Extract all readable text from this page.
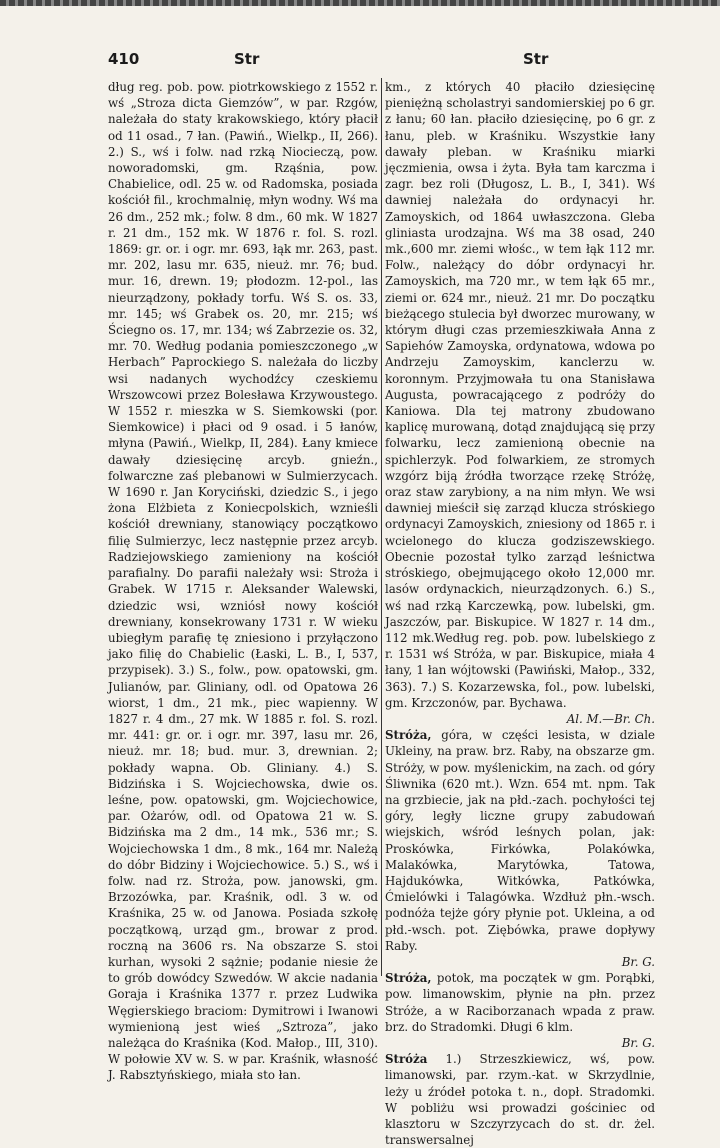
410	Str	Str

dług reg. pob. pow. piotrkowskiego z 1552 r. wś „Stroza dicta Giemzów”, w par. Rzgów, należała do staty krakowskiego, który płacił od 11 osad., 7 łan. (Pawiń., Wielkp., II, 266). 2.) S., wś i folw. nad rzką Niocieczą, pow. noworadomski, gm. Rząśnia, pow. Chabielice, odl. 25 w. od Radomska, posiada kościół fil., krochmalnię, młyn wodny. Wś ma 26 dm., 252 mk.; folw. 8 dm., 60 mk. W 1827 r. 21 dm., 152 mk. W 1876 r. fol. S. rozl. 1869: gr. or. i ogr. mr. 693, łąk mr. 263, past. mr. 202, lasu mr. 635, nieuż. mr. 76; bud. mur. 16, drewn. 19; płodozm. 12-pol., las nieurządzony, pokłady torfu. Wś S. os. 33, mr. 145; wś Grabek os. 20, mr. 215; wś Ściegno os. 17, mr. 134; wś Zabrzezie os. 32, mr. 70. Według podania pomieszczonego „w Herbach” Paprockiego S. należała do liczby wsi nadanych wychodźcy czeskiemu Wrszowcowi przez Bolesława Krzywoustego. W 1552 r. mieszka w S. Siemkowski (por. Siemkowice) i płaci od 9 osad. i 5 łanów, młyna (Pawiń., Wielkp, II, 284). Łany kmiece dawały dziesięcinę arcyb. gnieźn., folwarczne zaś plebanowi w Sulmierzycach. W 1690 r. Jan Koryciński, dziedzic S., i jego żona Elżbieta z Koniecpolskich, wznieśli kościół drewniany, stanowiący początkowo filię Sulmierzyc, lecz następnie przez arcyb. Radziejowskiego zamieniony na kościół parafialny. Do parafii należały wsi: Stroża i Grabek. W 1715 r. Aleksander Walewski, dziedzic wsi, wzniósł nowy kościół drewniany, konsekrowany 1731 r. W wieku ubiegłym parafię tę zniesiono i przyłączono jako filię do Chabielic (Łaski, L. B., I, 537, przypisek). 3.) S., folw., pow. opatowski, gm. Julianów, par. Gliniany, odl. od Opatowa 26 wiorst, 1 dm., 21 mk., piec wapienny. W 1827 r. 4 dm., 27 mk. W 1885 r. fol. S. rozl. mr. 441: gr. or. i ogr. mr. 397, lasu mr. 26, nieuż. mr. 18; bud. mur. 3, drewnian. 2; pokłady wapna. Ob. Gliniany. 4.) S. Bidzińska i S. Wojciechowska, dwie os. leśne, pow. opatowski, gm. Wojciechowice, par. Ożarów, odl. od Opatowa 21 w. S. Bidzińska ma 2 dm., 14 mk., 536 mr.; S. Wojciechowska 1 dm., 8 mk., 164 mr. Należą do dóbr Bidziny i Wojciechowice. 5.) S., wś i folw. nad rz. Stroża, pow. janowski, gm. Brzozówka, par. Kraśnik, odl. 3 w. od Kraśnika, 25 w. od Janowa. Posiada szkołę początkową, urząd gm., browar z prod. roczną na 3606 rs. Na obszarze S. stoi kurhan, wysoki 2 sążnie; podanie niesie że to grób dowódcy Szwedów. W akcie nadania Goraja i Kraśnika 1377 r. przez Ludwika Węgierskiego braciom: Dymitrowi i Iwanowi wymienioną jest wieś „Sztroza”, jako należąca do Kraśnika (Kod. Małop., III, 310). W połowie XV w. S. w par. Kraśnik, własność J. Rabsztyńskiego, miała sto łan.

km., z których 40 płaciło dziesięcinę pieniężną scholastryi sandomierskiej po 6 gr. z łanu; 60 łan. płaciło dziesięcinę, po 6 gr. z łanu, pleb. w Kraśniku. Wszystkie łany dawały pleban. w Kraśniku miarki jęczmienia, owsa i żyta. Była tam karczma i zagr. bez roli (Długosz, L. B., I, 341). Wś dawniej należała do ordynacyi hr. Zamoyskich, od 1864 uwłaszczona. Gleba gliniasta urodzajna. Wś ma 38 osad, 240 mk.,600 mr. ziemi włośc., w tem łąk 112 mr. Folw., należący do dóbr ordynacyi hr. Zamoyskich, ma 720 mr., w tem łąk 65 mr., ziemi or. 624 mr., nieuż. 21 mr. Do początku bieżącego stulecia był dworzec murowany, w którym długi czas przemieszkiwała Anna z Sapiehów Zamoyska, ordynatowa, wdowa po Andrzeju Zamoyskim, kanclerzu w. koronnym. Przyjmowała tu ona Stanisława Augusta, powracającego z podróży do Kaniowa. Dla tej matrony zbudowano kaplicę murowaną, dotąd znajdującą się przy folwarku, lecz zamienioną obecnie na spichlerzyk. Pod folwarkiem, ze stromych wzgórz biją źródła tworzące rzekę Stróżę, oraz staw zarybiony, a na nim młyn. We wsi dawniej mieścił się zarząd klucza stróskiego ordynacyi Zamoyskich, zniesiony od 1865 r. i wcielonego do klucza godziszewskiego. Obecnie pozostał tylko zarząd leśnictwa stróskiego, obejmującego około 12,000 mr. lasów ordynackich, nieurządzonych. 6.) S., wś nad rzką Karczewką, pow. lubelski, gm. Jaszczów, par. Biskupice. W 1827 r. 14 dm., 112 mk.Według reg. pob. pow. lubelskiego z r. 1531 wś Stróża, w par. Biskupice, miała 4 łany, 1 łan wójtowski (Pawiński, Małop., 332, 363). 7.) S. Kozarzewska, fol., pow. lubelski, gm. Krzczonów, par. Bychawa.

Al. M.—Br. Ch.

Stróża, góra, w części lesista, w dziale Ukleiny, na praw. brz. Raby, na obszarze gm. Stróży, w pow. myślenickim, na zach. od góry Śliwnika (620 mt.). Wzn. 654 mt. npm. Tak na grzbiecie, jak na płd.-zach. pochyłości tej góry, legły liczne grupy zabudowań wiejskich, wśród leśnych polan, jak: Proskówka, Firkówka, Polakówka, Malakówka, Marytówka, Tatowa, Hajdukówka, Witkówka, Patkówka, Ćmielówki i Talagówka. Wzdłuż płn.-wsch. podnóża tejże góry płynie pot. Ukleina, a od płd.-wsch. pot. Ziębówka, prawe dopływy Raby.

Br. G.

Stróża, potok, ma początek w gm. Porąbki, pow. limanowskim, płynie na płn. przez Stróże, a w Raciborzanach wpada z praw. brz. do Stradomki. Długi 6 klm.

Br. G.

Stróża 1.) Strzeszkiewicz, wś, pow. limanowski, par. rzym.-kat. w Skrzydlnie, leży u źródeł potoka t. n., dopł. Stradomki. W pobliżu wsi prowadzi gościniec od klasztoru w Szczyrzycach do st. dr. żel. transwersalnej
